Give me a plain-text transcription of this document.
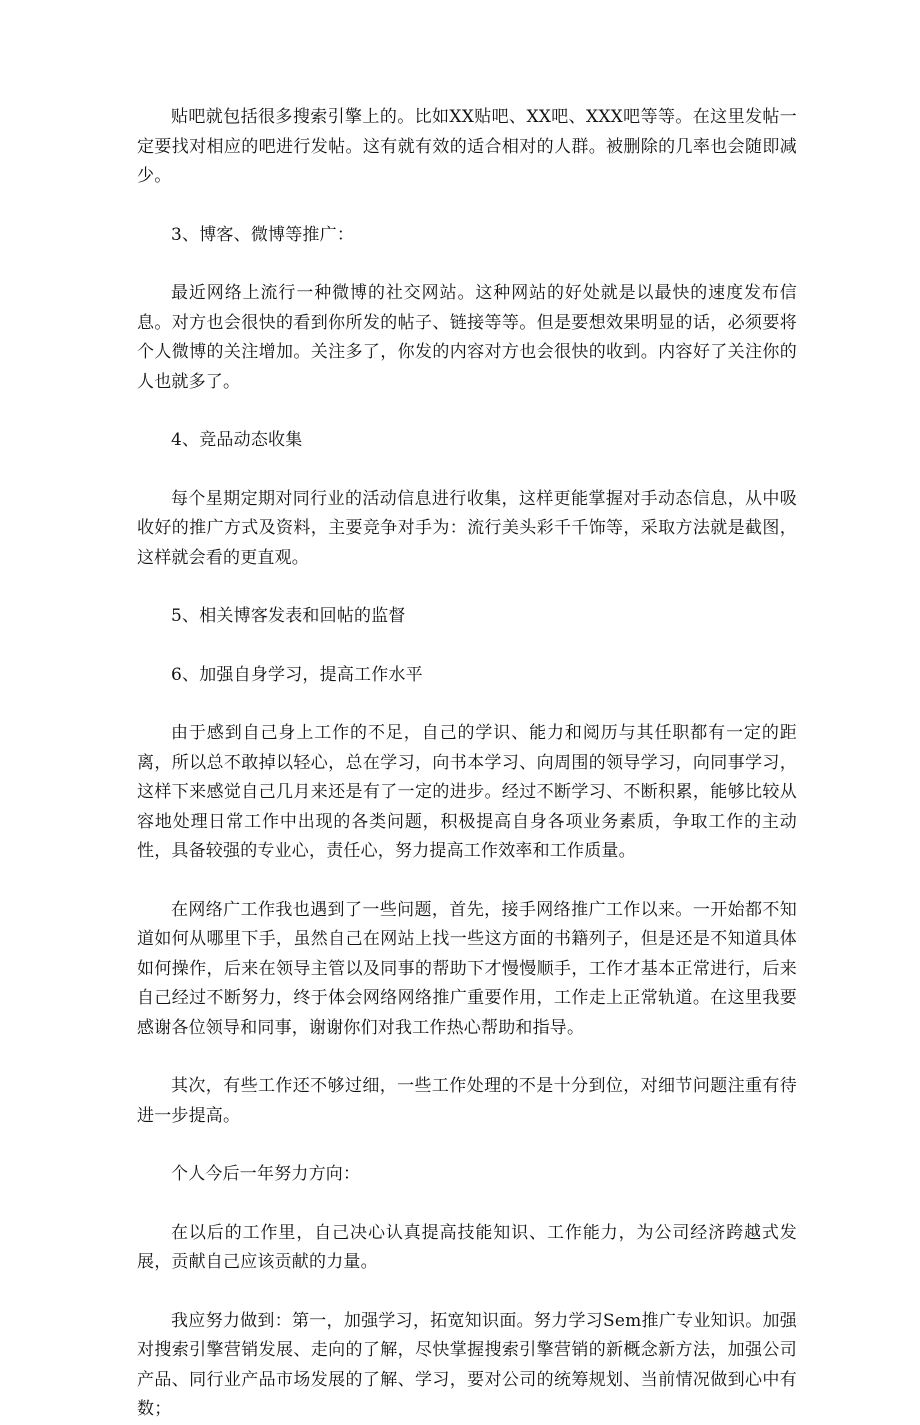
贴吧就包括很多搜索引擎上的。比如XX贴吧、XX吧、XXX吧等等。在这里发帖一定要找对相应的吧进行发帖。这有就有效的适合相对的人群。被删除的几率也会随即减少。

3、博客、微博等推广：

最近网络上流行一种微博的社交网站。这种网站的好处就是以最快的速度发布信息。对方也会很快的看到你所发的帖子、链接等等。但是要想效果明显的话，必须要将个人微博的关注增加。关注多了，你发的内容对方也会很快的收到。内容好了关注你的人也就多了。

4、竞品动态收集

每个星期定期对同行业的活动信息进行收集，这样更能掌握对手动态信息，从中吸收好的推广方式及资料，主要竞争对手为：流行美头彩千千饰等，采取方法就是截图，这样就会看的更直观。

5、相关博客发表和回帖的监督

6、加强自身学习，提高工作水平

由于感到自己身上工作的不足，自己的学识、能力和阅历与其任职都有一定的距离，所以总不敢掉以轻心，总在学习，向书本学习、向周围的领导学习，向同事学习，这样下来感觉自己几月来还是有了一定的进步。经过不断学习、不断积累，能够比较从容地处理日常工作中出现的各类问题，积极提高自身各项业务素质，争取工作的主动性，具备较强的专业心，责任心，努力提高工作效率和工作质量。

在网络广工作我也遇到了一些问题，首先，接手网络推广工作以来。一开始都不知道如何从哪里下手，虽然自己在网站上找一些这方面的书籍列子，但是还是不知道具体如何操作，后来在领导主管以及同事的帮助下才慢慢顺手，工作才基本正常进行，后来自己经过不断努力，终于体会网络网络推广重要作用，工作走上正常轨道。在这里我要感谢各位领导和同事，谢谢你们对我工作热心帮助和指导。

其次，有些工作还不够过细，一些工作处理的不是十分到位，对细节问题注重有待进一步提高。

个人今后一年努力方向：

在以后的工作里，自己决心认真提高技能知识、工作能力，为公司经济跨越式发展，贡献自己应该贡献的力量。

我应努力做到：第一，加强学习，拓宽知识面。努力学习Sem推广专业知识。加强对搜索引擎营销发展、走向的了解，尽快掌握搜索引擎营销的新概念新方法，加强公司产品、同行业产品市场发展的了解、学习，要对公司的统筹规划、当前情况做到心中有数；
